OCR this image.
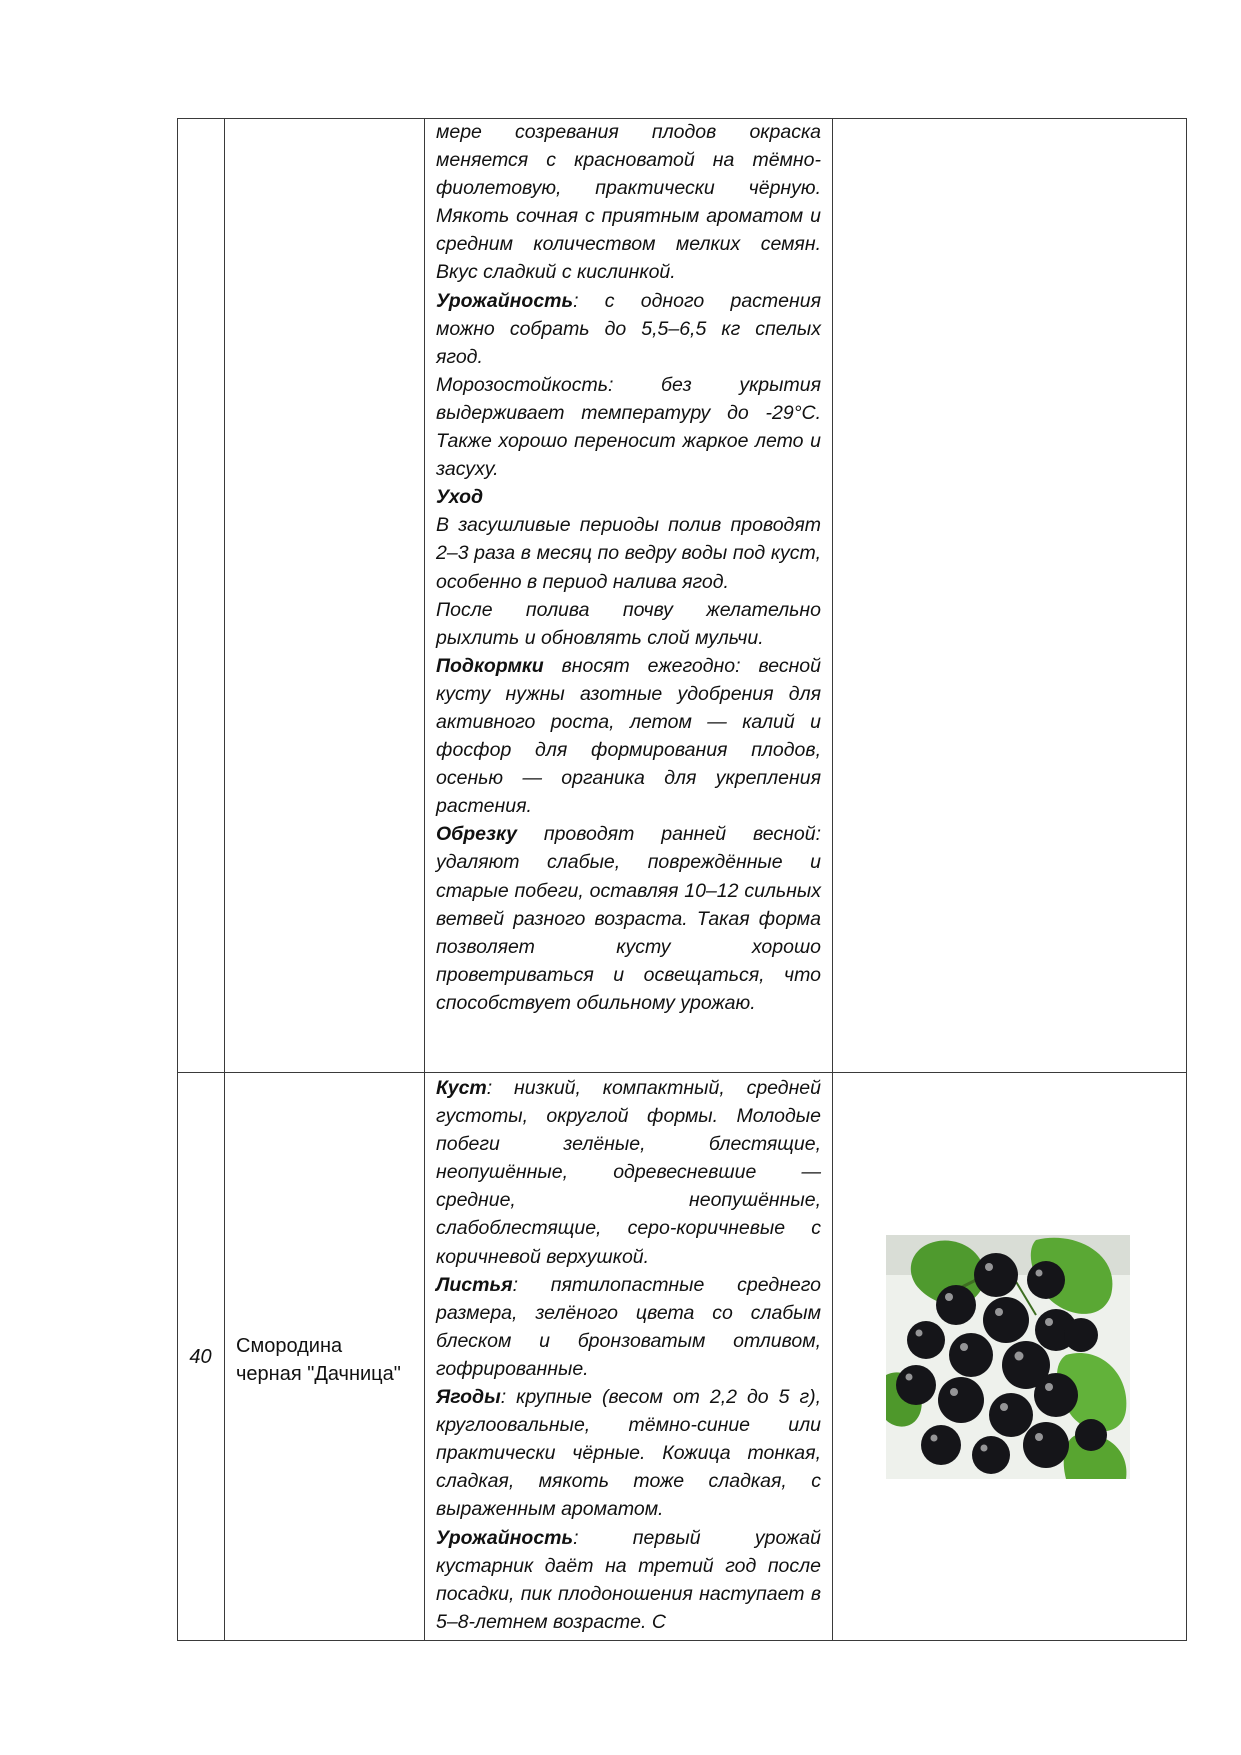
мере созревания плодов окраска меняется с красноватой на тёмно-фиолетовую, практически чёрную. Мякоть сочная с приятным ароматом и средним количеством мелких семян. Вкус сладкий с кислинкой.

Урожайность: с одного растения можно собрать до 5,5–6,5 кг спелых ягод.

Морозостойкость: без укрытия выдерживает температуру до -29°С. Также хорошо переносит жаркое лето и засуху.

Уход

В засушливые периоды полив проводят 2–3 раза в месяц по ведру воды под куст, особенно в период налива ягод.

После полива почву желательно рыхлить и обновлять слой мульчи.

Подкормки вносят ежегодно: весной кусту нужны азотные удобрения для активного роста, летом — калий и фосфор для формирования плодов, осенью — органика для укрепления растения.

Обрезку проводят ранней весной: удаляют слабые, повреждённые и старые побеги, оставляя 10–12 сильных ветвей разного возраста. Такая форма позволяет кусту хорошо проветриваться и освещаться, что способствует обильному урожаю.

40	Смородина
черная "Дачница"

Куст: низкий, компактный, средней густоты, округлой формы. Молодые побеги зелёные, блестящие, неопушённые, одревесневшие — средние, неопушённые, слабоблестящие, серо-коричневые с коричневой верхушкой.

Листья: пятилопастные среднего размера, зелёного цвета со слабым блеском и бронзоватым отливом, гофрированные.

Ягоды: крупные (весом от 2,2 до 5 г), круглоовальные, тёмно-синие или практически чёрные. Кожица тонкая, сладкая, мякоть тоже сладкая, с выраженным ароматом.

Урожайность: первый урожай кустарник даёт на третий год после посадки, пик плодоношения наступает в 5–8-летнем возрасте. С
